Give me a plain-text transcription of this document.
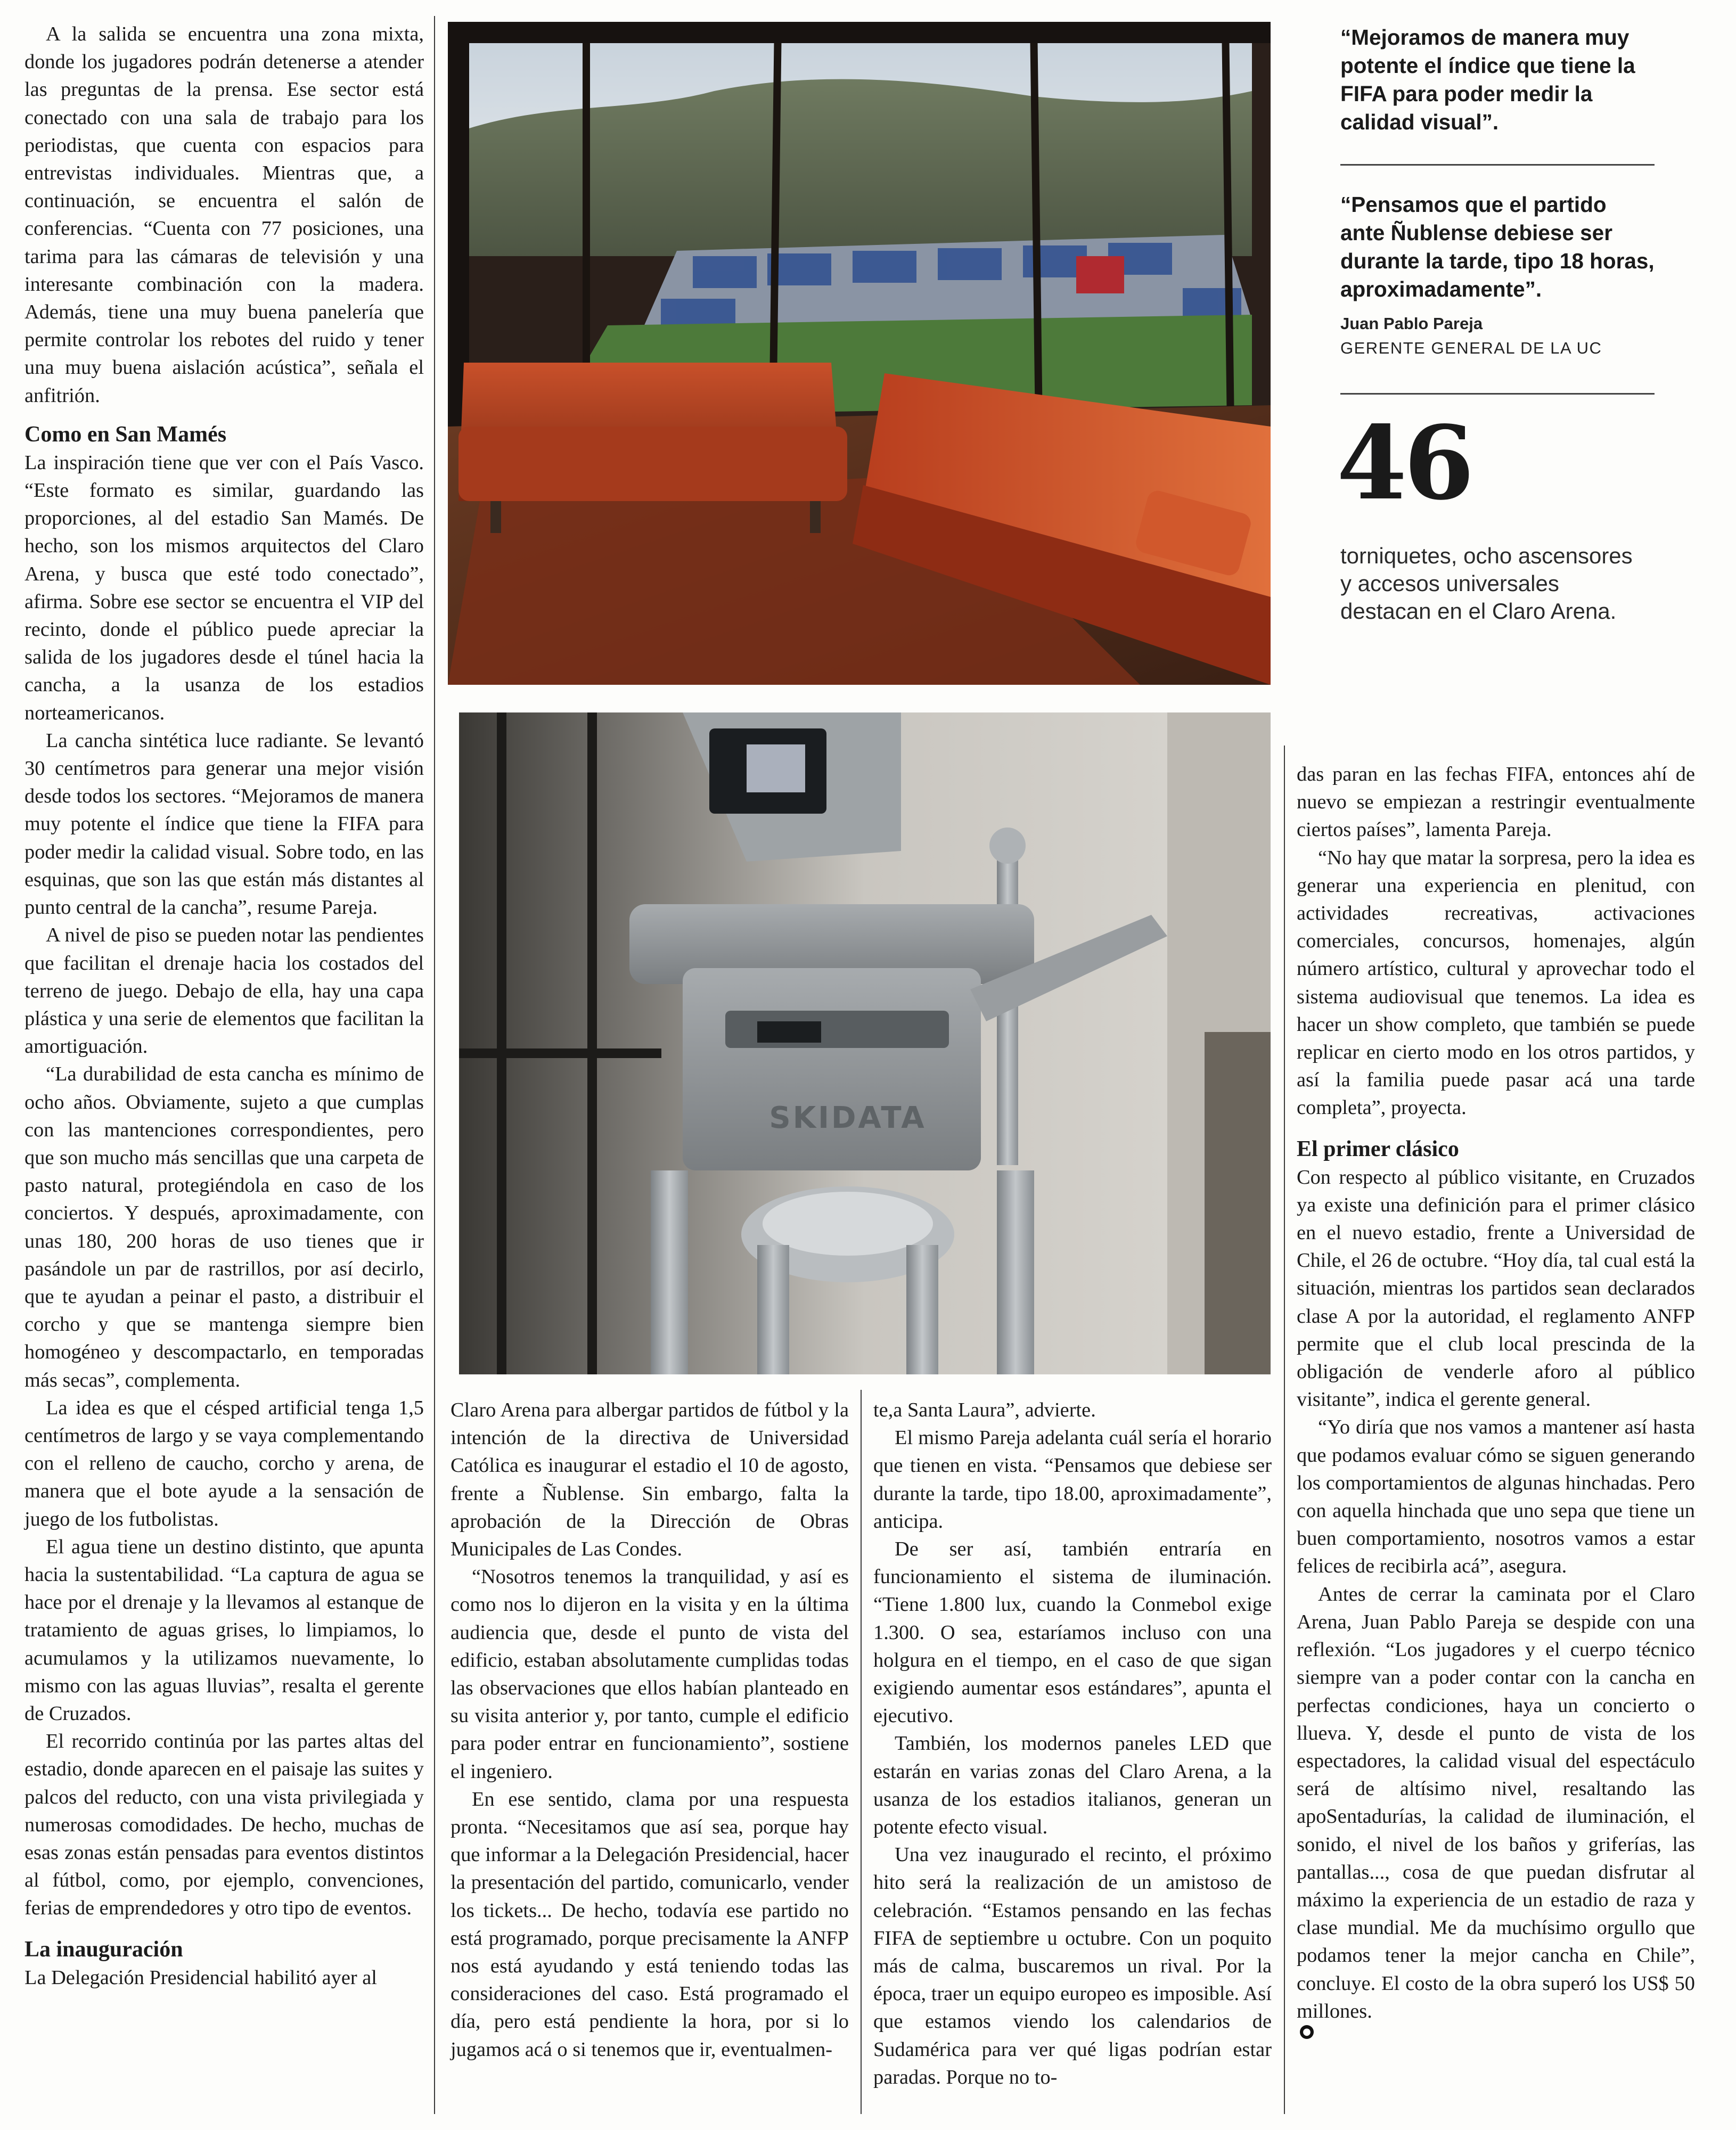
A la salida se encuentra una zona mixta, donde los jugadores podrán detenerse a atender las preguntas de la prensa. Ese sector está conectado con una sala de trabajo para los periodistas, que cuenta con espacios para entrevistas individuales. Mientras que, a continuación, se encuentra el salón de conferencias. “Cuenta con 77 posiciones, una tarima para las cámaras de televisión y una interesante combinación con la madera. Además, tiene una muy buena panelería que permite controlar los rebotes del ruido y tener una muy buena aislación acústica”, señala el anfitrión.

Como en San Mamés

La inspiración tiene que ver con el País Vasco. “Este formato es similar, guardando las proporciones, al del estadio San Mamés. De hecho, son los mismos arquitectos del Claro Arena, y busca que esté todo conectado”, afirma. Sobre ese sector se encuentra el VIP del recinto, donde el público puede apreciar la salida de los jugadores desde el túnel hacia la cancha, a la usanza de los estadios norteamericanos.

La cancha sintética luce radiante. Se levantó 30 centímetros para generar una mejor visión desde todos los sectores. “Mejoramos de manera muy potente el índice que tiene la FIFA para poder medir la calidad visual. Sobre todo, en las esquinas, que son las que están más distantes al punto central de la cancha”, resume Pareja.

A nivel de piso se pueden notar las pendientes que facilitan el drenaje hacia los costados del terreno de juego. Debajo de ella, hay una capa plástica y una serie de elementos que facilitan la amortiguación.

“La durabilidad de esta cancha es mínimo de ocho años. Obviamente, sujeto a que cumplas con las mantenciones correspondientes, pero que son mucho más sencillas que una carpeta de pasto natural, protegiéndola en caso de los conciertos. Y después, aproximadamente, con unas 180, 200 horas de uso tienes que ir pasándole un par de rastrillos, por así decirlo, que te ayudan a peinar el pasto, a distribuir el corcho y que se mantenga siempre bien homogéneo y descompactarlo, en temporadas más secas”, complementa.

La idea es que el césped artificial tenga 1,5 centímetros de largo y se vaya complementando con el relleno de caucho, corcho y arena, de manera que el bote ayude a la sensación de juego de los futbolistas.

El agua tiene un destino distinto, que apunta hacia la sustentabilidad. “La captura de agua se hace por el drenaje y la llevamos al estanque de tratamiento de aguas grises, lo limpiamos, lo acumulamos y la utilizamos nuevamente, lo mismo con las aguas lluvias”, resalta el gerente de Cruzados.

El recorrido continúa por las partes altas del estadio, donde aparecen en el paisaje las suites y palcos del reducto, con una vista privilegiada y numerosas comodidades. De hecho, muchas de esas zonas están pensadas para eventos distintos al fútbol, como, por ejemplo, convenciones, ferias de emprendedores y otro tipo de eventos.

La inauguración

La Delegación Presidencial habilitó ayer al

SKIDATA

Claro Arena para albergar partidos de fútbol y la intención de la directiva de Universidad Católica es inaugurar el estadio el 10 de agosto, frente a Ñublense. Sin embargo, falta la aprobación de la Dirección de Obras Municipales de Las Condes.

“Nosotros tenemos la tranquilidad, y así es como nos lo dijeron en la visita y en la última audiencia que, desde el punto de vista del edificio, estaban absolutamente cumplidas todas las observaciones que ellos habían planteado en su visita anterior y, por tanto, cumple el edificio para poder entrar en funcionamiento”, sostiene el ingeniero.

En ese sentido, clama por una respuesta pronta. “Necesitamos que así sea, porque hay que informar a la Delegación Presidencial, hacer la presentación del partido, comunicarlo, vender los tickets... De hecho, todavía ese partido no está programado, porque precisamente la ANFP nos está ayudando y está teniendo todas las consideraciones del caso. Está programado el día, pero está pendiente la hora, por si lo jugamos acá o si tenemos que ir, eventualmen-

te,a Santa Laura”, advierte.

El mismo Pareja adelanta cuál sería el horario que tienen en vista. “Pensamos que debiese ser durante la tarde, tipo 18.00, aproximadamente”, anticipa.

De ser así, también entraría en funcionamiento el sistema de iluminación. “Tiene 1.800 lux, cuando la Conmebol exige 1.300. O sea, estaríamos incluso con una holgura en el tiempo, en el caso de que sigan exigiendo aumentar esos estándares”, apunta el ejecutivo.

También, los modernos paneles LED que estarán en varias zonas del Claro Arena, a la usanza de los estadios italianos, generan un potente efecto visual.

Una vez inaugurado el recinto, el próximo hito será la realización de un amistoso de celebración. “Estamos pensando en las fechas FIFA de septiembre u octubre. Con un poquito más de calma, buscaremos un rival. Por la época, traer un equipo europeo es imposible. Así que estamos viendo los calendarios de Sudamérica para ver qué ligas podrían estar paradas. Porque no to-

“Mejoramos de manera muy potente el índice que tiene la FIFA para poder medir la calidad visual”.
“Pensamos que el partido ante Ñublense debiese ser durante la tarde, tipo 18 horas, aproximadamente”.
Juan Pablo Pareja
GERENTE GENERAL DE LA UC
46
torniquetes, ocho ascensores y accesos universales destacan en el Claro Arena.

das paran en las fechas FIFA, entonces ahí de nuevo se empiezan a restringir eventualmente ciertos países”, lamenta Pareja.

“No hay que matar la sorpresa, pero la idea es generar una experiencia en plenitud, con actividades recreativas, activaciones comerciales, concursos, homenajes, algún número artístico, cultural y aprovechar todo el sistema audiovisual que tenemos. La idea es hacer un show completo, que también se puede replicar en cierto modo en los otros partidos, y así la familia puede pasar acá una tarde completa”, proyecta.

El primer clásico

Con respecto al público visitante, en Cruzados ya existe una definición para el primer clásico en el nuevo estadio, frente a Universidad de Chile, el 26 de octubre. “Hoy día, tal cual está la situación, mientras los partidos sean declarados clase A por la autoridad, el reglamento ANFP permite que el club local prescinda de la obligación de venderle aforo al público visitante”, indica el gerente general.

“Yo diría que nos vamos a mantener así hasta que podamos evaluar cómo se siguen generando los comportamientos de algunas hinchadas. Pero con aquella hinchada que uno sepa que tiene un buen comportamiento, nosotros vamos a estar felices de recibirla acá”, asegura.

Antes de cerrar la caminata por el Claro Arena, Juan Pablo Pareja se despide con una reflexión. “Los jugadores y el cuerpo técnico siempre van a poder contar con la cancha en perfectas condiciones, haya un concierto o llueva. Y, desde el punto de vista de los espectadores, la calidad visual del espectáculo será de altísimo nivel, resaltando las apoSentadurías, la calidad de iluminación, el sonido, el nivel de los baños y griferías, las pantallas..., cosa de que puedan disfrutar al máximo la experiencia de un estadio de raza y clase mundial. Me da muchísimo orgullo que podamos tener la mejor cancha en Chile”, concluye. El costo de la obra superó los US$ 50 millones.

●
